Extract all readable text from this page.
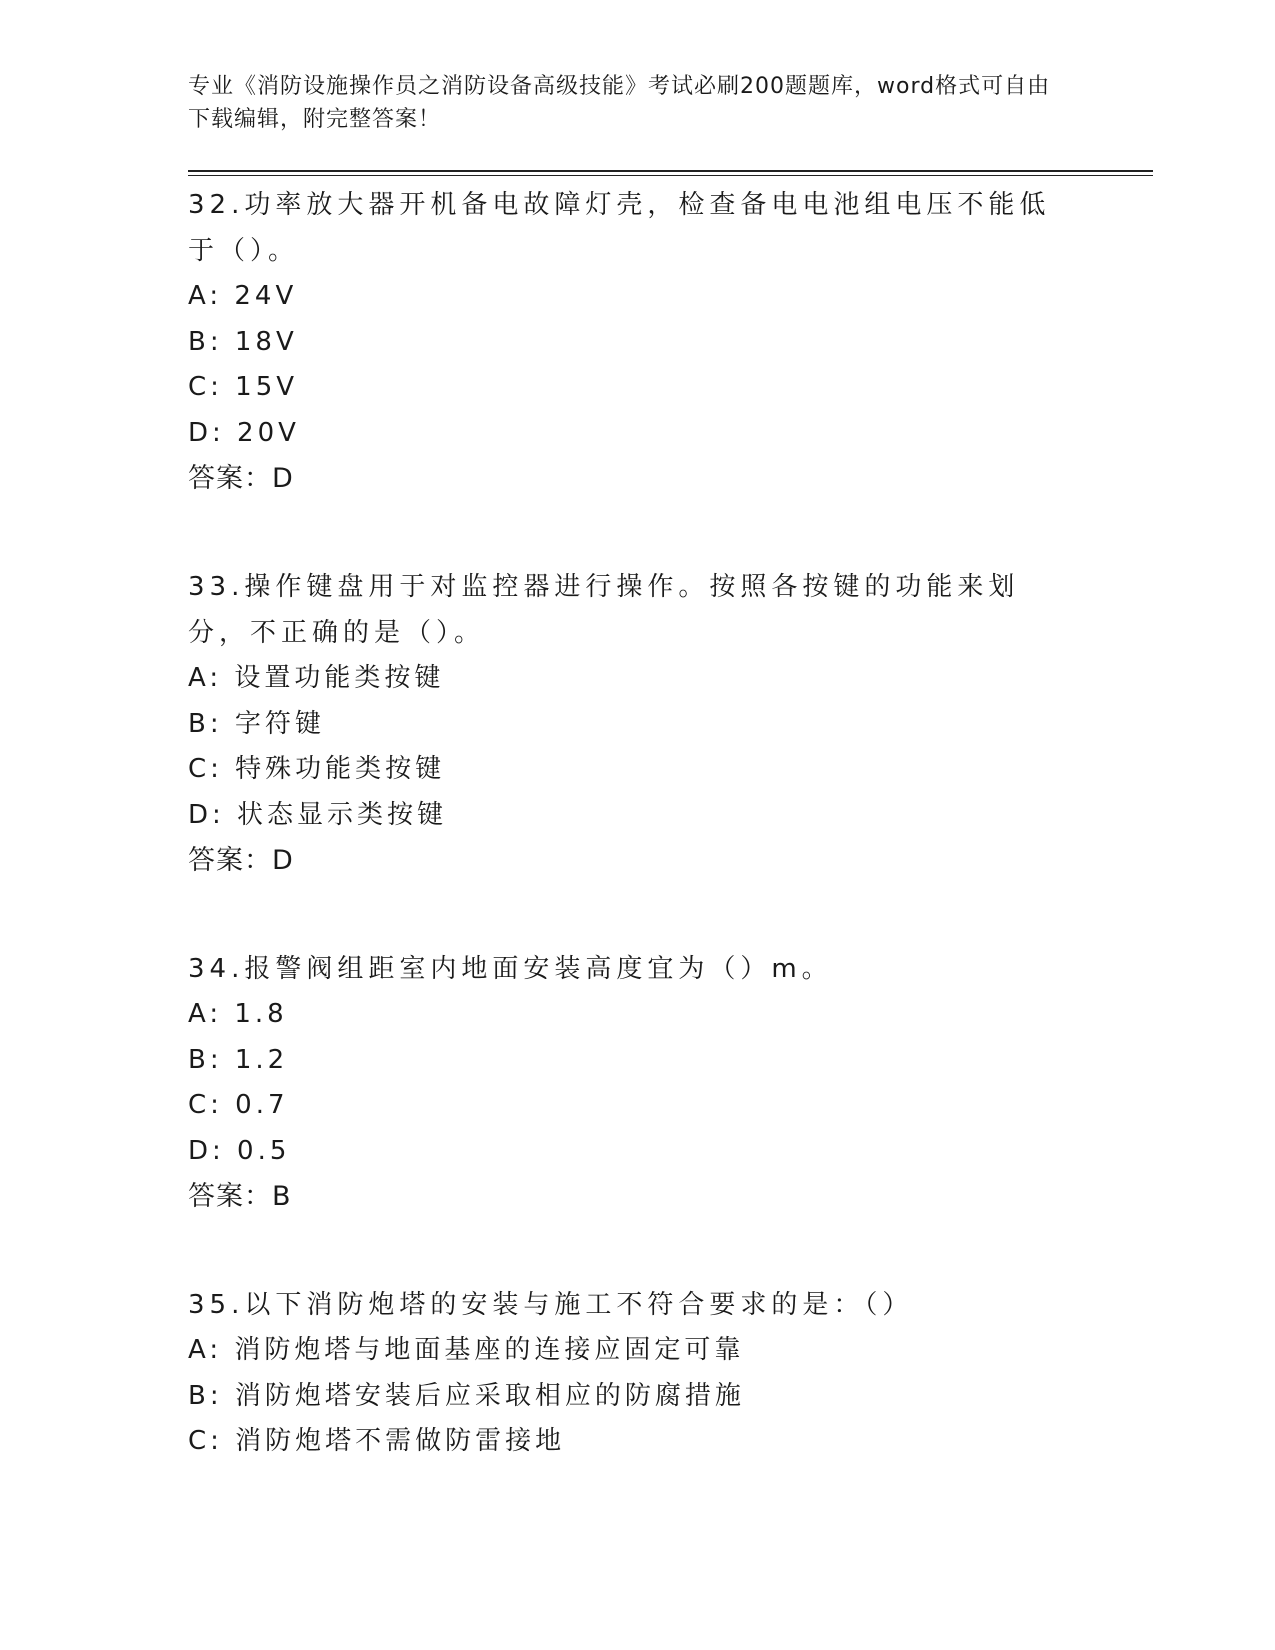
专业《消防设施操作员之消防设备高级技能》考试必刷200题题库，word格式可自由下载编辑，附完整答案！

32.功率放大器开机备电故障灯壳，检查备电电池组电压不能低于（）。

A: 24V

B: 18V

C: 15V

D: 20V

答案：D

33.操作键盘用于对监控器进行操作。按照各按键的功能来划分，不正确的是（）。

A: 设置功能类按键

B: 字符键

C: 特殊功能类按键

D: 状态显示类按键

答案：D

34.报警阀组距室内地面安装高度宜为（）m。

A: 1.8

B: 1.2

C: 0.7

D: 0.5

答案：B

35.以下消防炮塔的安装与施工不符合要求的是：（）

A: 消防炮塔与地面基座的连接应固定可靠

B: 消防炮塔安装后应采取相应的防腐措施

C: 消防炮塔不需做防雷接地
